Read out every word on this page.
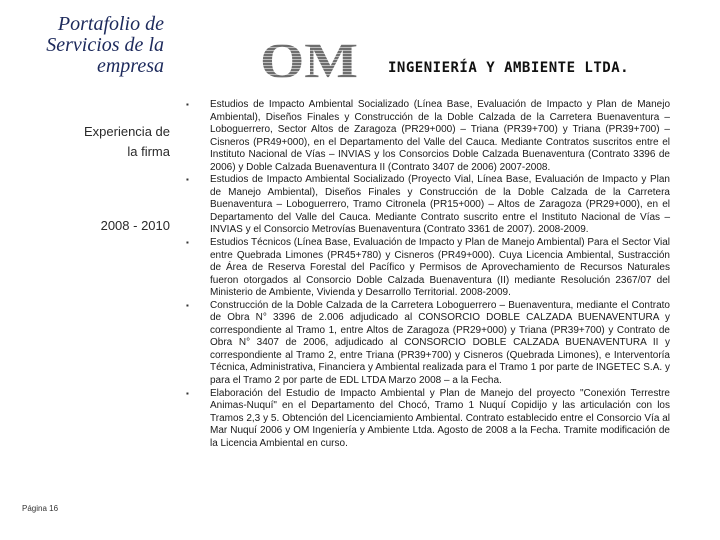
Portafolio de
Servicios de la
empresa OM INGENIERÍA Y AMBIENTE LTDA.
Experiencia de
la firma
2008 - 2010
Página 16
▪ Estudios de Impacto Ambiental Socializado (Línea Base, Evaluación de Impacto y Plan de Manejo Ambiental), Diseños Finales y Construcción de la Doble Calzada de la Carretera Buenaventura – Loboguerrero, Sector Altos de Zaragoza (PR29+000) – Triana (PR39+700) y Triana (PR39+700) – Cisneros (PR49+000), en el Departamento del Valle del Cauca. Mediante Contratos suscritos entre el Instituto Nacional de Vías – INVIAS y los Consorcios Doble Calzada Buenaventura (Contrato 3396 de 2006) y Doble Calzada Buenaventura II (Contrato 3407 de 2006) 2007-2008.
▪ Estudios de Impacto Ambiental Socializado (Proyecto Vial, Línea Base, Evaluación de Impacto y Plan de Manejo Ambiental), Diseños Finales y Construcción de la Doble Calzada de la Carretera Buenaventura – Loboguerrero, Tramo Citronela (PR15+000) – Altos de Zaragoza (PR29+000), en el Departamento del Valle del Cauca. Mediante Contrato suscrito entre el Instituto Nacional de Vías – INVIAS y el Consorcio Metrovías Buenaventura (Contrato 3361 de 2007). 2008-2009.
▪ Estudios Técnicos (Línea Base, Evaluación de Impacto y Plan de Manejo Ambiental) Para el Sector Vial entre Quebrada Limones (PR45+780) y Cisneros (PR49+000). Cuya Licencia Ambiental, Sustracción de Área de Reserva Forestal del Pacífico y Permisos de Aprovechamiento de Recursos Naturales fueron otorgados al Consorcio Doble Calzada Buenaventura (II) mediante Resolución 2367/07 del Ministerio de Ambiente, Vivienda y Desarrollo Territorial. 2008-2009.
▪ Construcción de la Doble Calzada de la Carretera Loboguerrero – Buenaventura, mediante el Contrato de Obra N° 3396 de 2.006 adjudicado al CONSORCIO DOBLE CALZADA BUENAVENTURA y correspondiente al Tramo 1, entre Altos de Zaragoza (PR29+000) y Triana (PR39+700) y Contrato de Obra N° 3407 de 2006, adjudicado al CONSORCIO DOBLE CALZADA BUENAVENTURA II y correspondiente al Tramo 2, entre Triana (PR39+700) y Cisneros (Quebrada Limones), e Interventoría Técnica, Administrativa, Financiera y Ambiental realizada para el Tramo 1 por parte de INGETEC S.A. y para el Tramo 2 por parte de EDL LTDA Marzo 2008 – a la Fecha.
▪ Elaboración del Estudio de Impacto Ambiental y Plan de Manejo del proyecto "Conexión Terrestre Animas-Nuquí" en el Departamento del Chocó, Tramo 1 Nuquí Copidijo y las articulación con los Tramos 2,3 y 5. Obtención del Licenciamiento Ambiental. Contrato establecido entre el Consorcio Vía al Mar Nuquí 2006 y OM Ingeniería y Ambiente Ltda. Agosto de 2008 a la Fecha. Tramite modificación de la Licencia Ambiental en curso.
